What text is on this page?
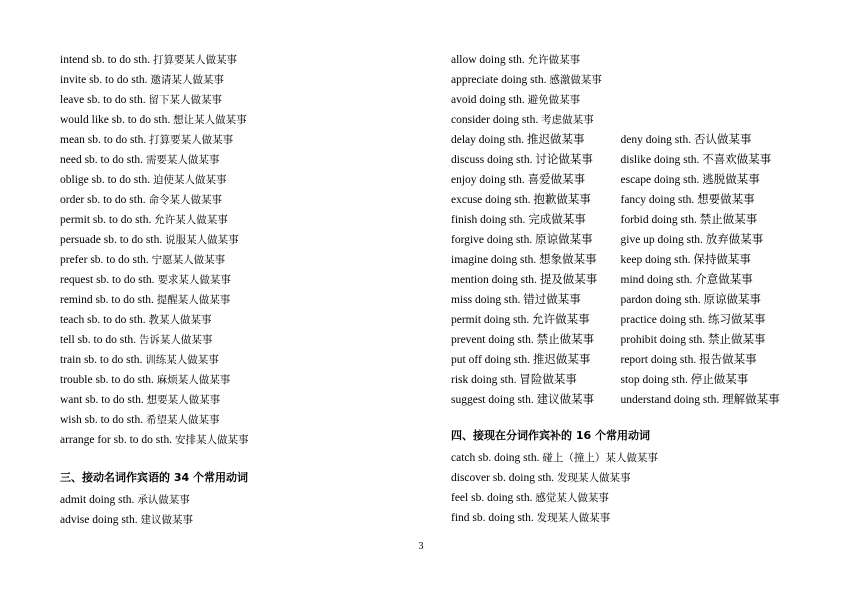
intend sb. to do sth. 打算要某人做某事
invite sb. to do sth. 邀请某人做某事
leave sb. to do sth. 留下某人做某事
would like sb. to do sth. 想让某人做某事
mean sb. to do sth. 打算要某人做某事
need sb. to do sth. 需要某人做某事
oblige sb. to do sth. 迫使某人做某事
order sb. to do sth. 命令某人做某事
permit sb. to do sth. 允许某人做某事
persuade sb. to do sth. 说服某人做某事
prefer sb. to do sth. 宁愿某人做某事
request sb. to do sth. 要求某人做某事
remind sb. to do sth. 提醒某人做某事
teach sb. to do sth. 教某人做某事
tell sb. to do sth. 告诉某人做某事
train sb. to do sth. 训练某人做某事
trouble sb. to do sth. 麻烦某人做某事
want sb. to do sth. 想要某人做某事
wish sb. to do sth. 希望某人做某事
arrange for sb. to do sth. 安排某人做某事
三、接动名词作宾语的 34 个常用动词
admit doing sth. 承认做某事
advise doing sth. 建议做某事
allow doing sth. 允许做某事
appreciate doing sth. 感激做某事
avoid doing sth. 避免做某事
consider doing sth. 考虑做某事
delay doing sth. 推迟做某事	deny doing sth. 否认做某事
discuss doing sth. 讨论做某事	dislike doing sth. 不喜欢做某事
enjoy doing sth. 喜爱做某事	escape doing sth. 逃脱做某事
excuse doing sth. 抱歉做某事	fancy doing sth. 想要做某事
finish doing sth. 完成做某事	forbid doing sth. 禁止做某事
forgive doing sth. 原谅做某事	give up doing sth. 放弃做某事
imagine doing sth. 想象做某事	keep doing sth. 保持做某事
mention doing sth. 提及做某事	mind doing sth. 介意做某事
miss doing sth. 错过做某事	pardon doing sth. 原谅做某事
permit doing sth. 允许做某事	practice doing sth. 练习做某事
prevent doing sth. 禁止做某事	prohibit doing sth. 禁止做某事
put off doing sth. 推迟做某事	report doing sth. 报告做某事
risk doing sth. 冒险做某事	stop doing sth. 停止做某事
suggest doing sth. 建议做某事	understand doing sth. 理解做某事
四、接现在分词作宾补的 16 个常用动词
catch sb. doing sth. 碰上（撞上）某人做某事
discover sb. doing sth. 发现某人做某事
feel sb. doing sth. 感觉某人做某事
find sb. doing sth. 发现某人做某事
3
